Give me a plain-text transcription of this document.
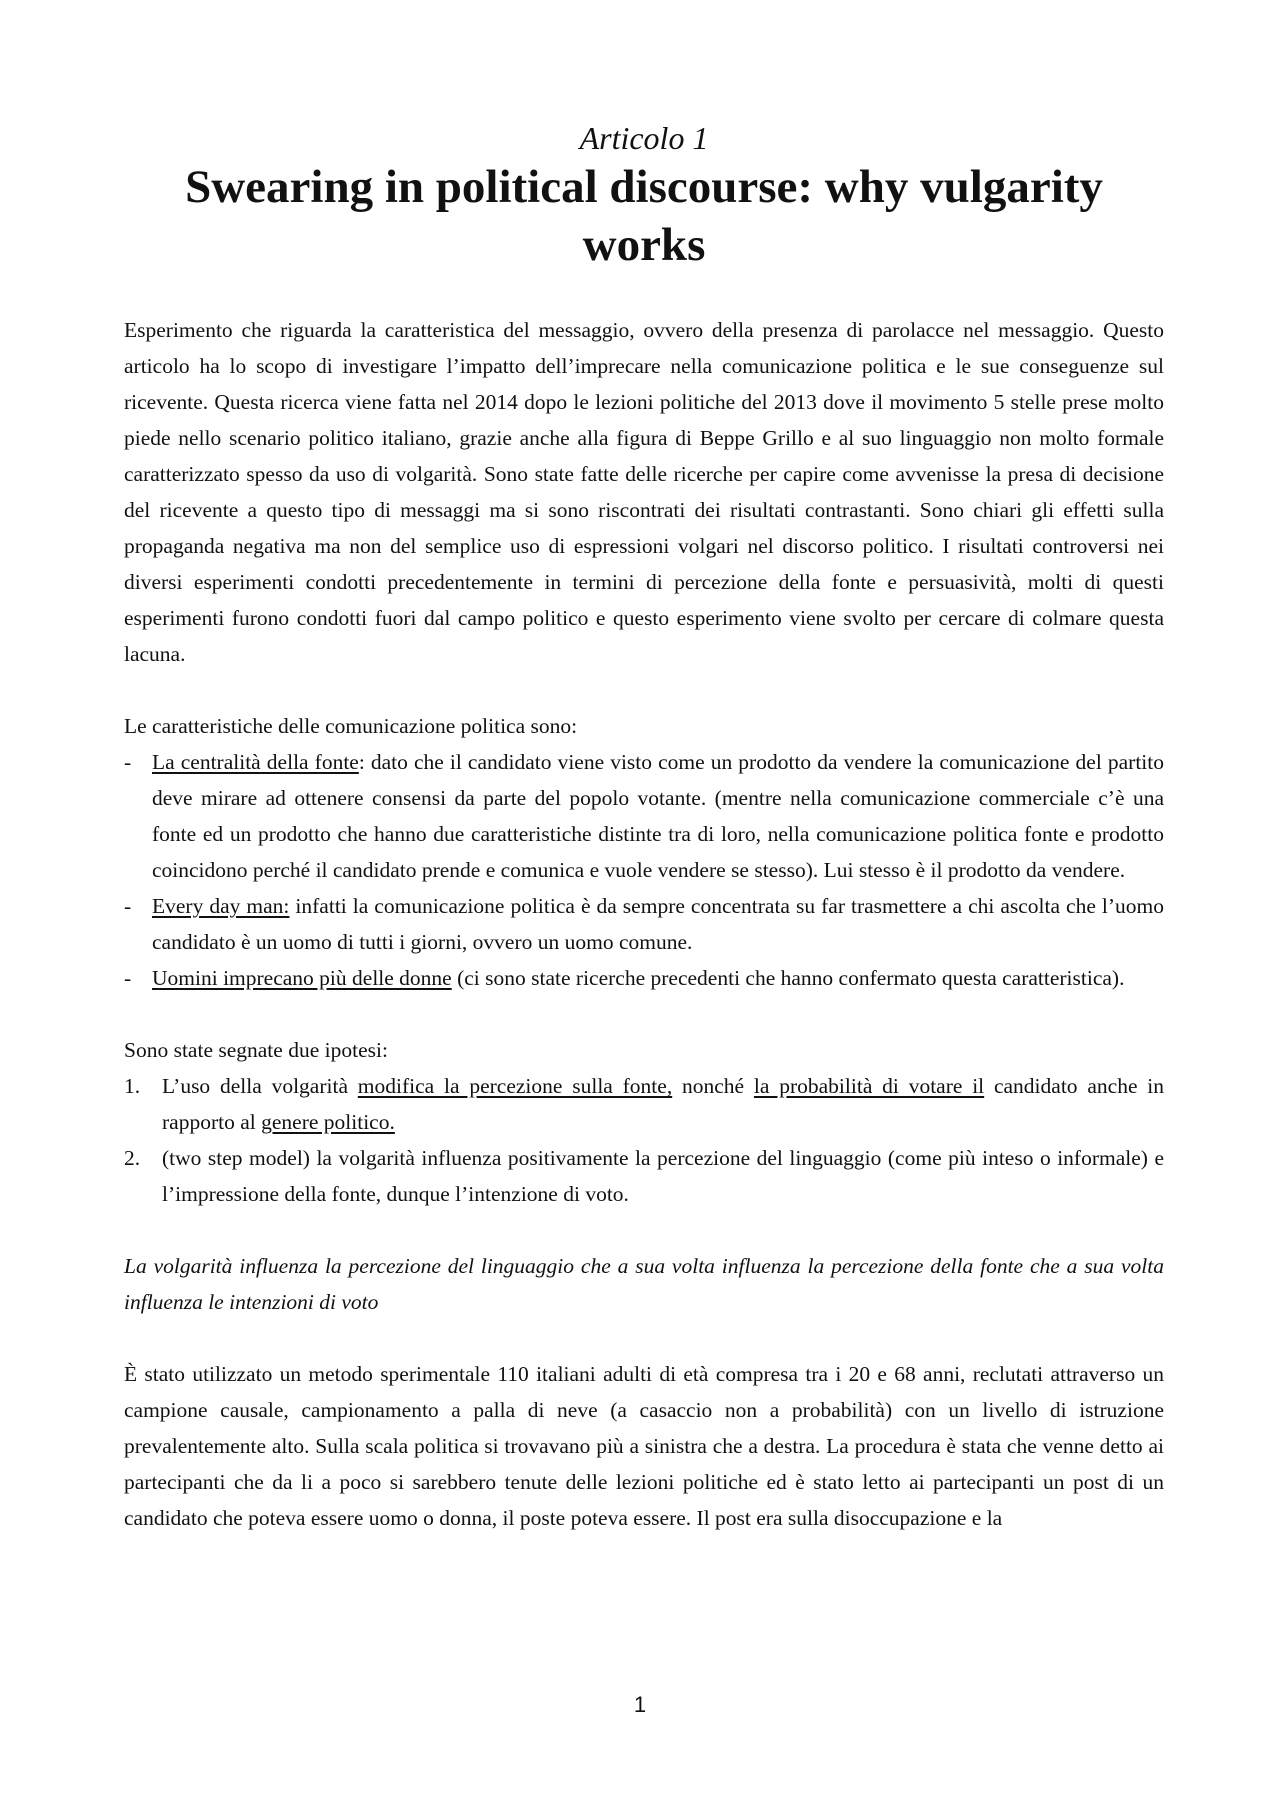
Articolo 1

Swearing in political discourse: why vulgarity works

Esperimento che riguarda la caratteristica del messaggio, ovvero della presenza di parolacce nel messaggio. Questo articolo ha lo scopo di investigare l’impatto dell’imprecare nella comunicazione politica e le sue conseguenze sul ricevente. Questa ricerca viene fatta nel 2014 dopo le lezioni politiche del 2013 dove il movimento 5 stelle prese molto piede nello scenario politico italiano, grazie anche alla figura di Beppe Grillo e al suo linguaggio non molto formale caratterizzato spesso da uso di volgarità. Sono state fatte delle ricerche per capire come avvenisse la presa di decisione del ricevente a questo tipo di messaggi ma si sono riscontrati dei risultati contrastanti. Sono chiari gli effetti sulla propaganda negativa ma non del semplice uso di espressioni volgari nel discorso politico. I risultati controversi nei diversi esperimenti condotti precedentemente in termini di percezione della fonte e persuasività, molti di questi esperimenti furono condotti fuori dal campo politico e questo esperimento viene svolto per cercare di colmare questa lacuna.

Le caratteristiche delle comunicazione politica sono:

- La centralità della fonte: dato che il candidato viene visto come un prodotto da vendere la comunicazione del partito deve mirare ad ottenere consensi da parte del popolo votante. (mentre nella comunicazione commerciale c’è una fonte ed un prodotto che hanno due caratteristiche distinte tra di loro, nella comunicazione politica fonte e prodotto coincidono perché il candidato prende e comunica e vuole vendere se stesso). Lui stesso è il prodotto da vendere.
- Every day man: infatti la comunicazione politica è da sempre concentrata su far trasmettere a chi ascolta che l’uomo candidato è un uomo di tutti i giorni, ovvero un uomo comune.
- Uomini imprecano più delle donne (ci sono state ricerche precedenti che hanno confermato questa caratteristica).

Sono state segnate due ipotesi:

1.	L’uso della volgarità modifica la percezione sulla fonte, nonché la probabilità di votare il candidato anche in rapporto al genere politico.
2.	(two step model) la volgarità influenza positivamente la percezione del linguaggio (come più inteso o informale) e l’impressione della fonte, dunque l’intenzione di voto.

La volgarità influenza la percezione del linguaggio che a sua volta influenza la percezione della fonte che a sua volta influenza le intenzioni di voto

È stato utilizzato un metodo sperimentale 110 italiani adulti di età compresa tra i 20 e 68 anni, reclutati attraverso un campione causale, campionamento a palla di neve (a casaccio non a probabilità) con un livello di istruzione prevalentemente alto. Sulla scala politica si trovavano più a sinistra che a destra. La procedura è stata che venne detto ai partecipanti che da li a poco si sarebbero tenute delle lezioni politiche ed è stato letto ai partecipanti un post di un candidato che poteva essere uomo o donna, il poste poteva essere. Il post era sulla disoccupazione e la

1
